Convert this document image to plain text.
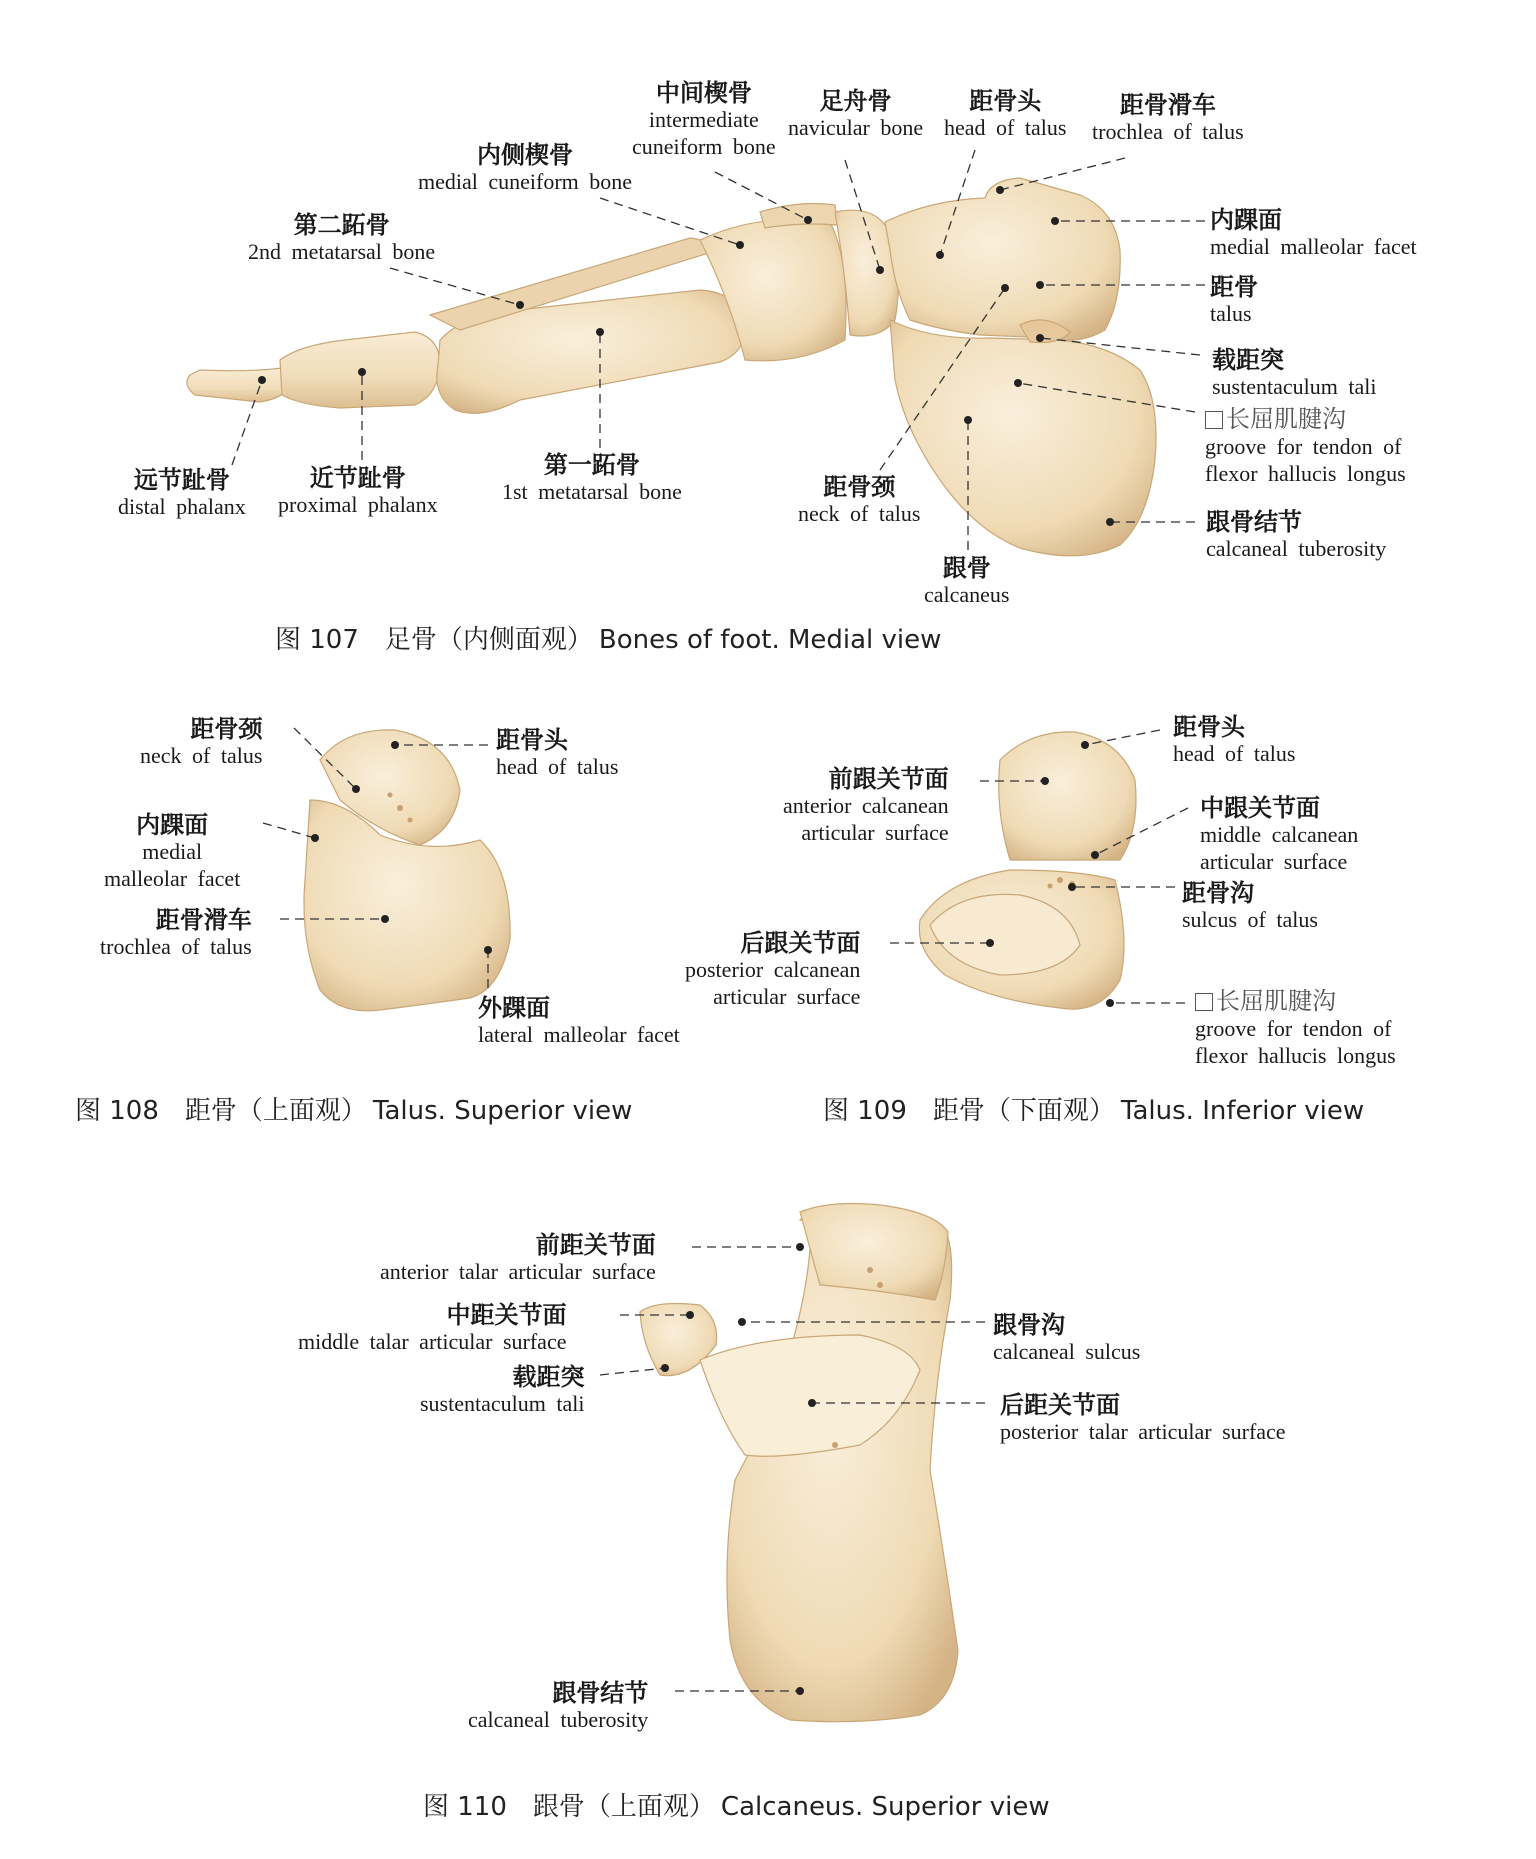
中间楔骨
intermediate
cuneiform bone
足舟骨
navicular bone
距骨头
head of talus
距骨滑车
trochlea of talus
内侧楔骨
medial cuneiform bone
第二跖骨
2nd metatarsal bone
内踝面
medial malleolar facet
距骨
talus
载距突
sustentaculum tali
长屈肌腱沟
groove for tendon of
flexor hallucis longus
跟骨结节
calcaneal tuberosity
远节趾骨
distal phalanx
近节趾骨
proximal phalanx
第一跖骨
1st metatarsal bone	距骨颈
neck of talus
跟骨
calcaneus
图 107 足骨（内侧面观） Bones of foot. Medial view
距骨颈
neck of talus
距骨头
head of talus
内踝面
medial
malleolar facet
距骨滑车
trochlea of talus
外踝面
lateral malleolar facet
图 108 距骨（上面观） Talus. Superior view
距骨头
head of talus
前跟关节面
anterior calcanean
articular surface
中跟关节面
middle calcanean
articular surface
距骨沟
sulcus of talus
后跟关节面
posterior calcanean
articular surface	长屈肌腱沟
groove for tendon of
flexor hallucis longus
图 109 距骨（下面观） Talus. Inferior view
前距关节面
anterior talar articular surface
中距关节面
middle talar articular surface
载距突
sustentaculum tali
跟骨沟
calcaneal sulcus
后距关节面
posterior talar articular surface
跟骨结节
calcaneal tuberosity
图 110 跟骨（上面观） Calcaneus. Superior view
